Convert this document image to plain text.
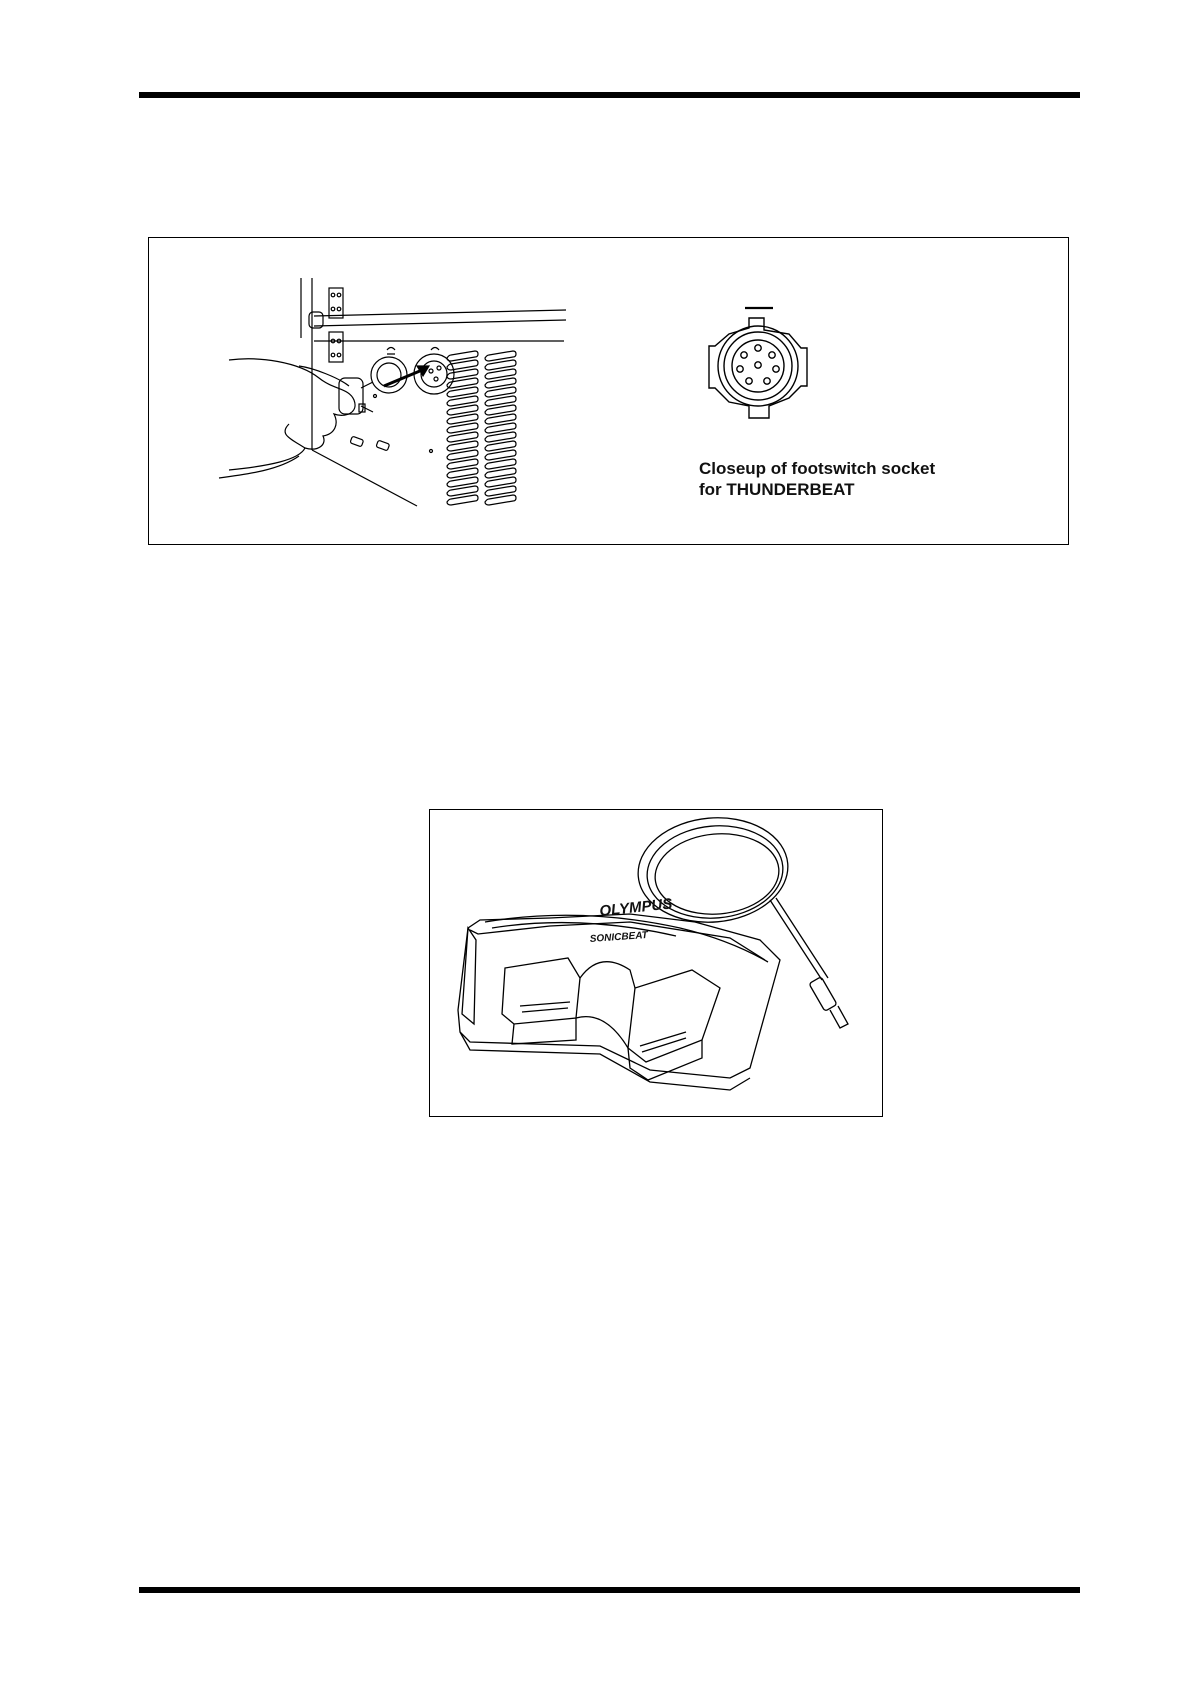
Closeup of footswitch socket
for THUNDERBEAT
OLYMPUS
SONICBEAT
